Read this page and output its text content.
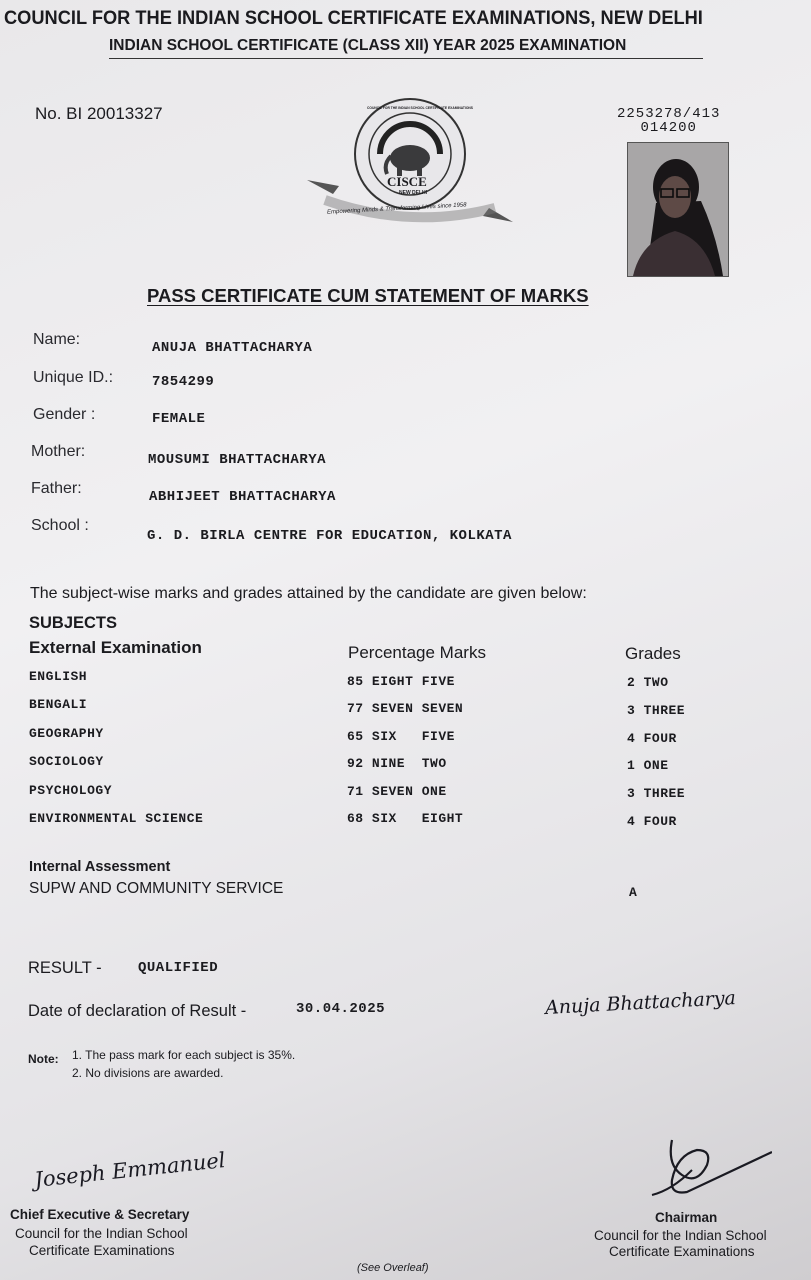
COUNCIL FOR THE INDIAN SCHOOL CERTIFICATE EXAMINATIONS, NEW DELHI
INDIAN SCHOOL CERTIFICATE (CLASS XII) YEAR 2025 EXAMINATION
No. BI 20013327	2253278/413
014200
COUNCIL FOR THE INDIAN SCHOOL CERTIFICATE EXAMINATIONS
CISCE
NEW DELHI
Empowering Minds & Transforming Lives since 1958
PASS CERTIFICATE CUM STATEMENT OF MARKS
Name:	ANUJA BHATTACHARYA
Unique ID.:	7854299
Gender :	FEMALE
Mother:	MOUSUMI BHATTACHARYA
Father:	ABHIJEET BHATTACHARYA
School :
G. D. BIRLA CENTRE FOR EDUCATION, KOLKATA
The subject-wise marks and grades attained by the candidate are given below:
SUBJECTS
External Examination	Percentage Marks	Grades
ENGLISH	85 EIGHT FIVE	2 TWO
BENGALI	77 SEVEN SEVEN	3 THREE
GEOGRAPHY	65 SIX   FIVE	4 FOUR
SOCIOLOGY	92 NINE  TWO	1 ONE
PSYCHOLOGY	71 SEVEN ONE	3 THREE
ENVIRONMENTAL SCIENCE	68 SIX   EIGHT	4 FOUR
Internal Assessment
SUPW AND COMMUNITY SERVICE	A
RESULT -	QUALIFIED
Date of declaration of Result -	30.04.2025	Anuja Bhattacharya
Note: 1. The pass mark for each subject is 35%.
2. No divisions are awarded.
Joseph Emmanuel
Chief Executive & Secretary
Council for the Indian School
Certificate Examinations
Chairman
Council for the Indian School
Certificate Examinations
(See Overleaf)
